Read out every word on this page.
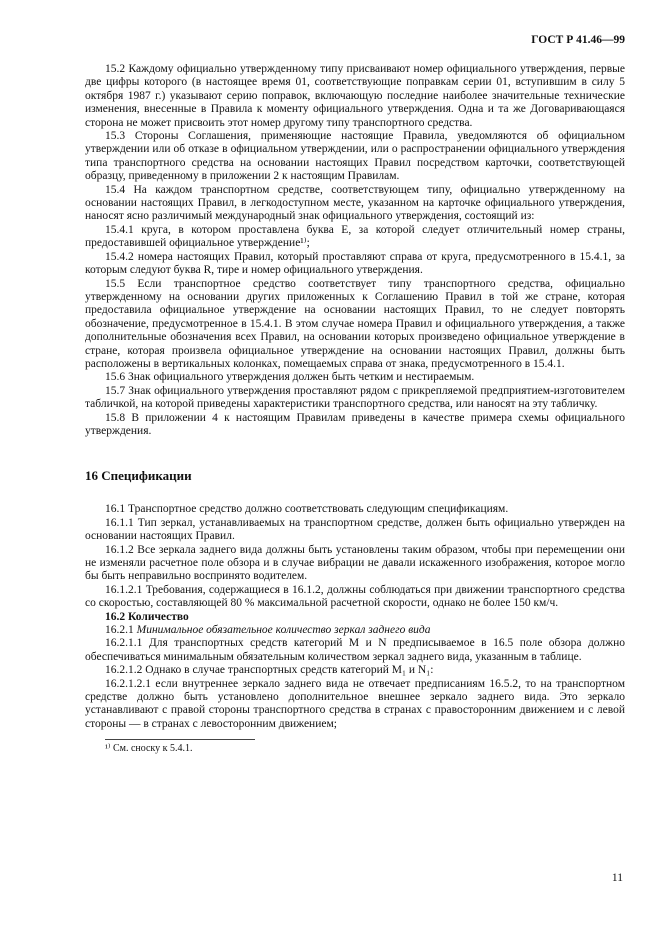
ГОСТ Р 41.46—99

15.2 Каждому официально утвержденному типу присваивают номер официального утверждения, первые две цифры которого (в настоящее время 01, соответствующие поправкам серии 01, вступившим в силу 5 октября 1987 г.) указывают серию поправок, включающую последние наиболее значительные технические изменения, внесенные в Правила к моменту официального утверждения. Одна и та же Договаривающаяся сторона не может присвоить этот номер другому типу транспортного средства.

15.3 Стороны Соглашения, применяющие настоящие Правила, уведомляются об официальном утверждении или об отказе в официальном утверждении, или о распространении официального утверждения типа транспортного средства на основании настоящих Правил посредством карточки, соответствующей образцу, приведенному в приложении 2 к настоящим Правилам.

15.4 На каждом транспортном средстве, соответствующем типу, официально утвержденному на основании настоящих Правил, в легкодоступном месте, указанном на карточке официального утверждения, наносят ясно различимый международный знак официального утверждения, состоящий из:

15.4.1 круга, в котором проставлена буква Е, за которой следует отличительный номер страны, предоставившей официальное утверждение¹⁾;

15.4.2 номера настоящих Правил, который проставляют справа от круга, предусмотренного в 15.4.1, за которым следуют буква R, тире и номер официального утверждения.

15.5 Если транспортное средство соответствует типу транспортного средства, официально утвержденному на основании других приложенных к Соглашению Правил в той же стране, которая предоставила официальное утверждение на основании настоящих Правил, то не следует повторять обозначение, предусмотренное в 15.4.1. В этом случае номера Правил и официального утверждения, а также дополнительные обозначения всех Правил, на основании которых произведено официальное утверждение в стране, которая произвела официальное утверждение на основании настоящих Правил, должны быть расположены в вертикальных колонках, помещаемых справа от знака, предусмотренного в 15.4.1.

15.6 Знак официального утверждения должен быть четким и нестираемым.

15.7 Знак официального утверждения проставляют рядом с прикрепляемой предприятием-изготовителем табличкой, на которой приведены характеристики транспортного средства, или наносят на эту табличку.

15.8 В приложении 4 к настоящим Правилам приведены в качестве примера схемы официального утверждения.

16 Спецификации

16.1 Транспортное средство должно соответствовать следующим спецификациям.

16.1.1 Тип зеркал, устанавливаемых на транспортном средстве, должен быть официально утвержден на основании настоящих Правил.

16.1.2 Все зеркала заднего вида должны быть установлены таким образом, чтобы при перемещении они не изменяли расчетное поле обзора и в случае вибрации не давали искаженного изображения, которое могло бы быть неправильно воспринято водителем.

16.1.2.1 Требования, содержащиеся в 16.1.2, должны соблюдаться при движении транспортного средства со скоростью, составляющей 80 % максимальной расчетной скорости, однако не более 150 км/ч.

16.2 Количество

16.2.1 Минимальное обязательное количество зеркал заднего вида

16.2.1.1 Для транспортных средств категорий M и N предписываемое в 16.5 поле обзора должно обеспечиваться минимальным обязательным количеством зеркал заднего вида, указанным в таблице.

16.2.1.2 Однако в случае транспортных средств категорий M₁ и N₁:

16.2.1.2.1 если внутреннее зеркало заднего вида не отвечает предписаниям 16.5.2, то на транспортном средстве должно быть установлено дополнительное внешнее зеркало заднего вида. Это зеркало устанавливают с правой стороны транспортного средства в странах с правосторонним движением и с левой стороны — в странах с левосторонним движением;

¹⁾ См. сноску к 5.4.1.

11
